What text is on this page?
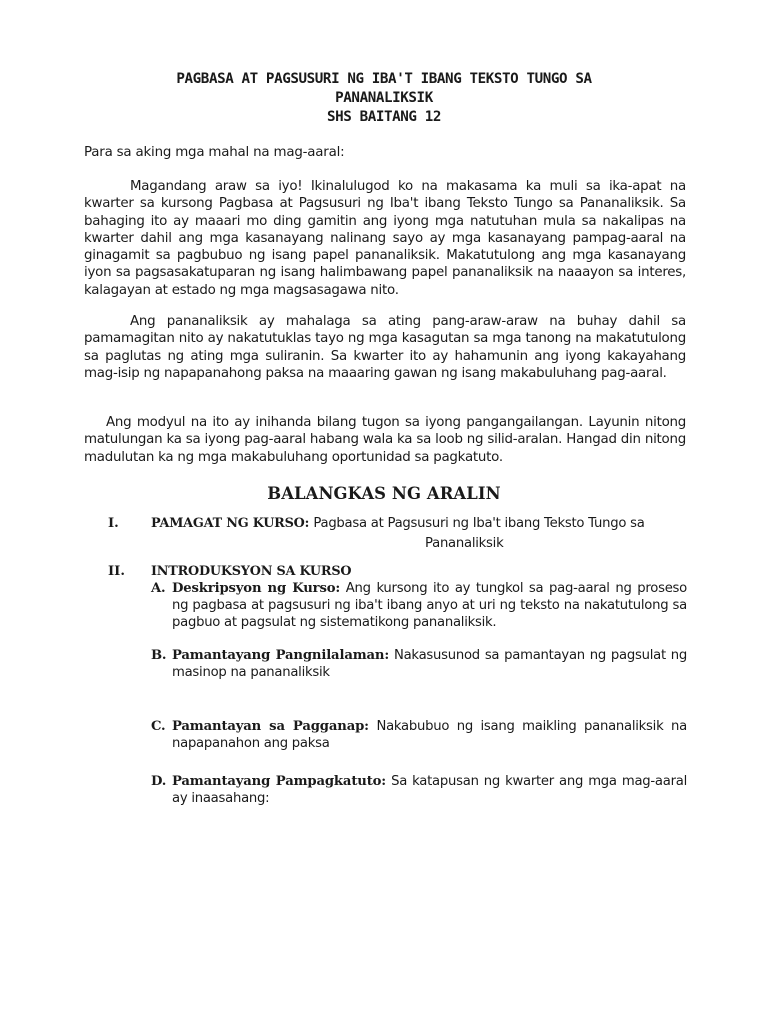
PAGBASA AT PAGSUSURI NG IBA'T IBANG TEKSTO TUNGO SA
PANANALIKSIK
SHS BAITANG 12
Para sa aking mga mahal na mag-aaral:

Magandang araw sa iyo! Ikinalulugod ko na makasama ka muli sa ika-apat na kwarter sa kursong Pagbasa at Pagsusuri ng Iba't ibang Teksto Tungo sa Pananaliksik. Sa bahaging ito ay maaari mo ding gamitin ang iyong mga natutuhan mula sa nakalipas na kwarter dahil ang mga kasanayang nalinang sayo ay mga kasanayang pampag-aaral na ginagamit sa pagbubuo ng isang papel pananaliksik. Makatutulong ang mga kasanayang iyon sa pagsasakatuparan ng isang halimbawang papel pananaliksik na naaayon sa interes, kalagayan at estado ng mga magsasagawa nito.

Ang pananaliksik ay mahalaga sa ating pang-araw-araw na buhay dahil sa pamamagitan nito ay nakatutuklas tayo ng mga kasagutan sa mga tanong na makatutulong sa paglutas ng ating mga suliranin. Sa kwarter ito ay hahamunin ang iyong kakayahang mag-isip ng napapanahong paksa na maaaring gawan ng isang makabuluhang pag-aaral.

Ang modyul na ito ay inihanda bilang tugon sa iyong pangangailangan. Layunin nitong matulungan ka sa iyong pag-aaral habang wala ka sa loob ng silid-aralan. Hangad din nitong madulutan ka ng mga makabuluhang oportunidad sa pagkatuto.

BALANGKAS NG ARALIN
I.	PAMAGAT NG KURSO: Pagbasa at Pagsusuri ng Iba't ibang Teksto Tungo sa
Pananaliksik
II. INTRODUKSYON SA KURSO
A. Deskripsyon ng Kurso: Ang kursong ito ay tungkol sa pag-aaral ng proseso ng pagbasa at pagsusuri ng iba't ibang anyo at uri ng teksto na nakatutulong sa pagbuo at pagsulat ng sistematikong pananaliksik.
B. Pamantayang Pangnilalaman: Nakasusunod sa pamantayan ng pagsulat ng masinop na pananaliksik
C. Pamantayan sa Pagganap: Nakabubuo ng isang maikling pananaliksik na napapanahon ang paksa
D. Pamantayang Pampagkatuto: Sa katapusan ng kwarter ang mga mag-aaral ay inaasahang:
